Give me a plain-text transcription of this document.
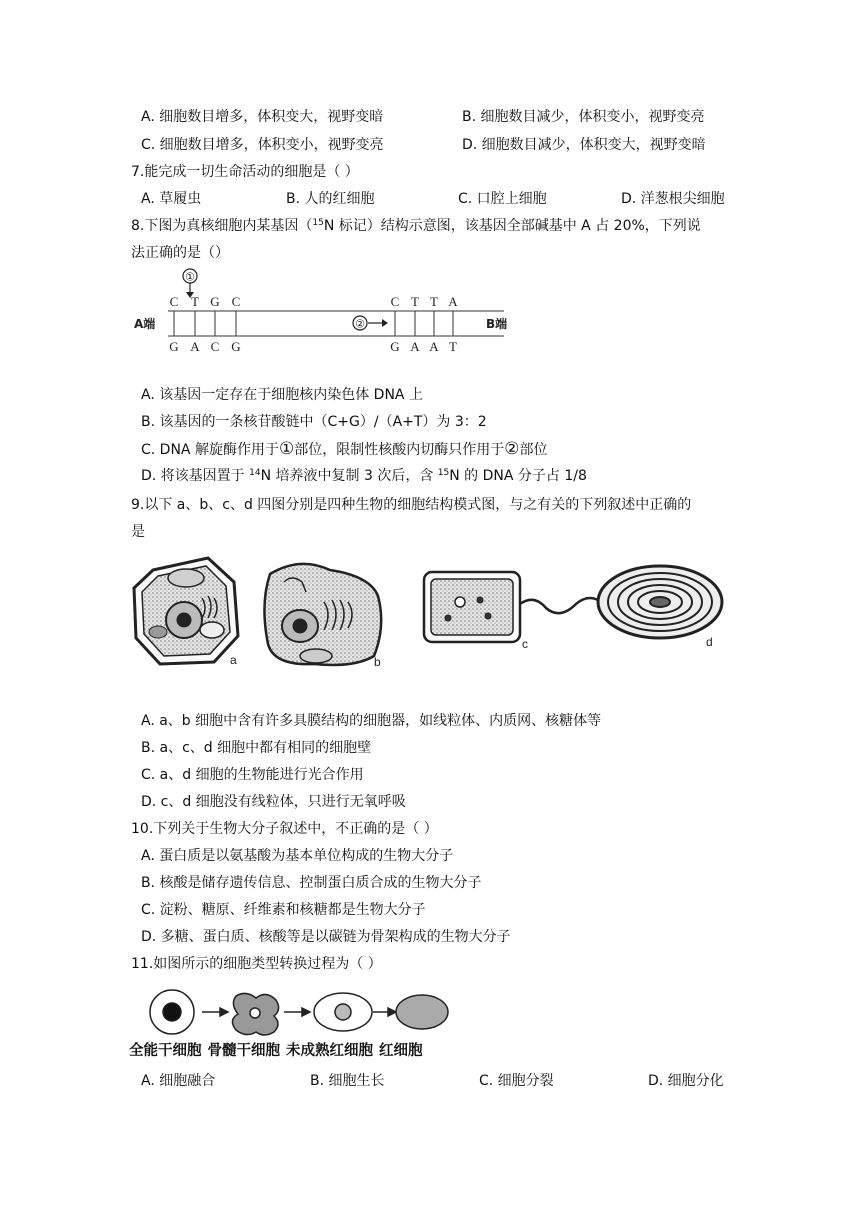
A. 细胞数目增多，体积变大，视野变暗	B. 细胞数目减少，体积变小，视野变亮
C. 细胞数目增多，体积变小，视野变亮	D. 细胞数目减少，体积变大，视野变暗
7.能完成一切生命活动的细胞是（ ）
A. 草履虫	B. 人的红细胞	C. 口腔上细胞	D. 洋葱根尖细胞
8.下图为真核细胞内某基因（$^{15}$N 标记）结构示意图，该基因全部碱基中 A 占 20%，下列说
法正确的是（）
①
C T G C	C T T A
A端	B端
②
G A C G	G A A T
A. 该基因一定存在于细胞核内染色体 DNA 上
B. 该基因的一条核苷酸链中（C+G）/（A+T）为 3：2
C. DNA 解旋酶作用于①部位，限制性核酸内切酶只作用于②部位
D. 将该基因置于 $^{14}$N 培养液中复制 3 次后，含 $^{15}$N 的 DNA 分子占 1/8
9.以下 a、b、c、d 四图分别是四种生物的细胞结构模式图，与之有关的下列叙述中正确的
是
b
a
c	d
A. a、b 细胞中含有许多具膜结构的细胞器，如线粒体、内质网、核糖体等
B. a、c、d 细胞中都有相同的细胞壁
C. a、d 细胞的生物能进行光合作用
D. c、d 细胞没有线粒体，只进行无氧呼吸
10.下列关于生物大分子叙述中，不正确的是（ ）
A. 蛋白质是以氨基酸为基本单位构成的生物大分子
B. 核酸是储存遗传信息、控制蛋白质合成的生物大分子
C. 淀粉、糖原、纤维素和核糖都是生物大分子
D. 多糖、蛋白质、核酸等是以碳链为骨架构成的生物大分子
11.如图所示的细胞类型转换过程为（ ）
全能干细胞 骨髓干细胞 未成熟红细胞 红细胞
A. 细胞融合	B. 细胞生长	C. 细胞分裂	D. 细胞分化
